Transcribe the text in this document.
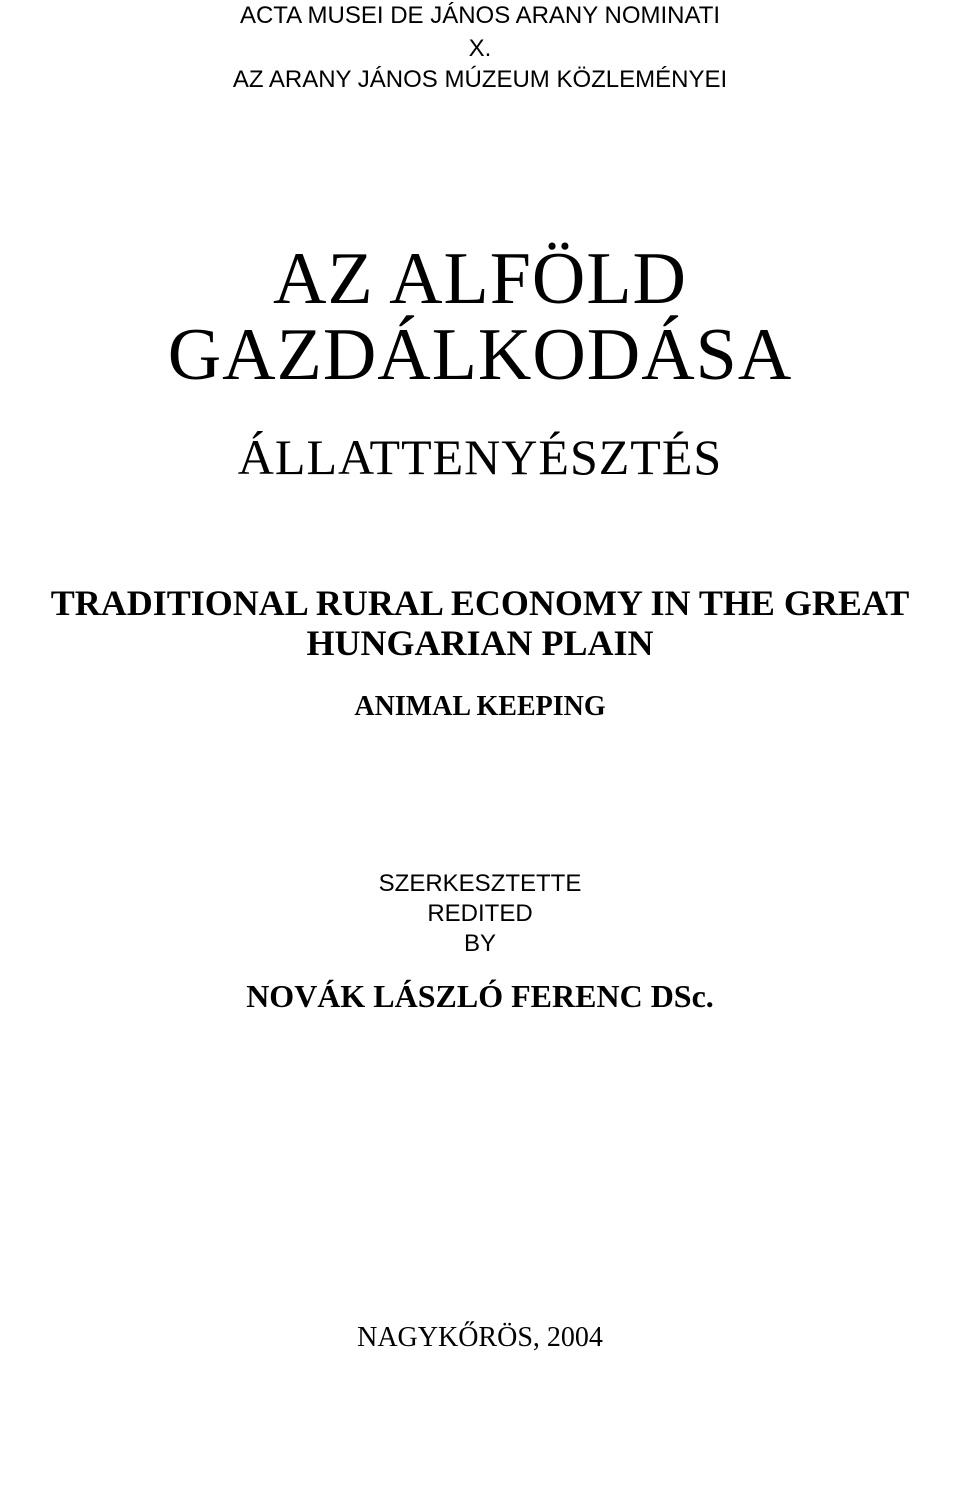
ACTA MUSEI DE JÁNOS ARANY NOMINATI
X.
AZ ARANY JÁNOS MÚZEUM KÖZLEMÉNYEI
AZ ALFÖLD
GAZDÁLKODÁSA
ÁLLATTENYÉSZTÉS
TRADITIONAL RURAL ECONOMY IN THE GREAT
HUNGARIAN PLAIN
ANIMAL KEEPING
SZERKESZTETTE
REDITED
BY
NOVÁK LÁSZLÓ FERENC DSc.
NAGYKŐRÖS, 2004
